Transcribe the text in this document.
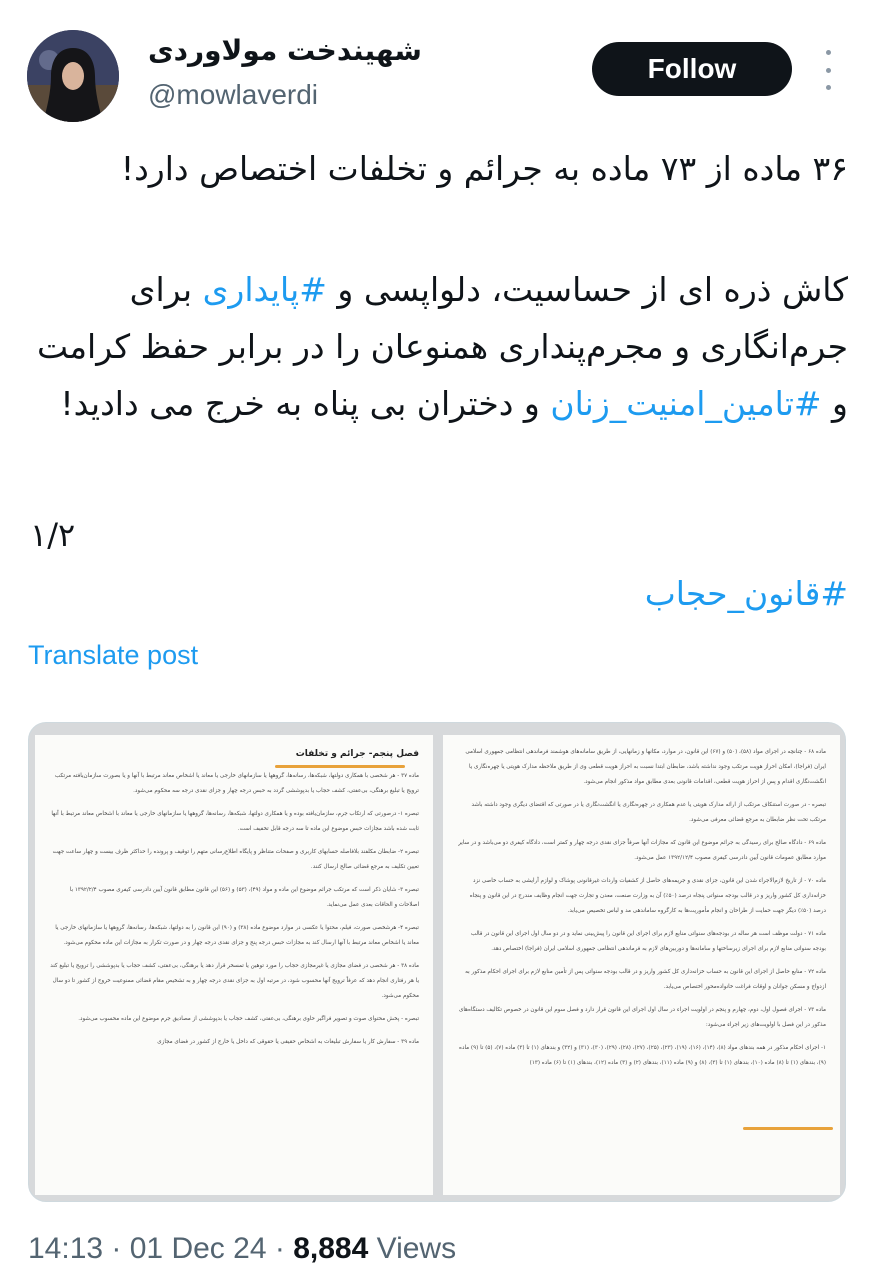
شهیندخت مولاوردی
@mowlaverdi
Follow
۳۶ ماده از ۷۳ ماده به جرائم و تخلفات اختصاص دارد!
کاش ذره ای از حساسیت، دلواپسی و #پایداری برای جرم‌انگاری و مجرم‌پنداری همنوعان را در برابر حفظ کرامت و #تامین_امنیت_زنان و دختران بی پناه به خرج می دادید!
۱/۲
#قانون_حجاب
Translate post
فصل پنجم- جرائم و تخلفات

ماده ۳۷ - هر شخصی با همکاری دولتها، شبکه‌ها، رسانه‌ها، گروهها یا سازمانهای خارجی یا معاند یا اشخاص معاند مرتبط با آنها و یا بصورت سازمان‌یافته مرتکب ترویج یا تبلیغ برهنگی، بی‌عفتی، کشف حجاب یا بدپوششی گردد به حبس درجه چهار و جزای نقدی درجه سه محکوم می‌شود.

تبصره ۱- درصورتی که ارتکاب جرم، سازمان‌یافته بوده و یا همکاری دولتها، شبکه‌ها، رسانه‌ها، گروهها یا سازمانهای خارجی یا معاند با اشخاص معاند مرتبط با آنها ثابت شده باشد مجازات حبس موضوع این ماده تا سه درجه قابل تخفیف است.

تبصره ۲- ضابطان مکلفند بلافاصله حسابهای کاربری و صفحات متناظر و پایگاه اطلاع‌رسانی متهم را توقیف و پرونده را حداکثر ظرف بیست و چهار ساعت جهت تعیین تکلیف به مرجع قضائی صالح ارسال کنند.

تبصره ۳- شایان ذکر است که مرتکب جرائم موضوع این ماده و مواد (۴۹)، (۵۳) و (۵۶) این قانون مطابق قانون آیین دادرسی کیفری مصوب ۱۳۹۲/۲/۴ با اصلاحات و الحاقات بعدی عمل می‌نماید.

تبصره ۴- هرشخصی صورت، فیلم، محتوا یا عکسی در موارد موضوع ماده (۳۸) و (۹۰) این قانون را به دولتها، شبکه‌ها، رسانه‌ها، گروهها یا سازمانهای خارجی یا معاند یا اشخاص معاند مرتبط با آنها ارسال کند به مجازات حبس درجه پنج و جزای نقدی درجه چهار و در صورت تکرار به مجازات این ماده محکوم می‌شود.

ماده ۳۸ - هر شخصی در فضای مجازی یا غیرمجازی حجاب را مورد توهین یا تمسخر قرار دهد یا برهنگی، بی‌عفتی، کشف حجاب یا بدپوششی را ترویج یا تبلیغ کند یا هر رفتاری انجام دهد که عرفاً ترویج آنها محسوب شود، در مرتبه اول به جزای نقدی درجه چهار و به تشخیص مقام قضائی ممنوعیت خروج از کشور تا دو سال محکوم می‌شود.

تبصره - پخش محتوای صوت و تصویر فراگیر حاوی برهنگی، بی‌عفتی، کشف حجاب یا بدپوششی از مصادیق جرم موضوع این ماده محسوب می‌شود.

ماده ۳۹ - سفارش کار یا سفارش تبلیغات به اشخاص حقیقی یا حقوقی که داخل یا خارج از کشور در فضای مجازی

ماده ۶۸ - چنانچه در اجرای مواد (۵۸)، (۵۰) و (۶۷) این قانون، در موارد، مکانها و زمانهایی، از طریق سامانه‌های هوشمند فرماندهی انتظامی جمهوری اسلامی ایران (فراجا)، امکان احراز هویت مرتکب وجود نداشته باشد، ضابطان ابتدا نسبت به احراز هویت قطعی وی از طریق ملاحظه مدارک هویتی یا چهره‌نگاری یا انگشت‌نگاری اقدام و پس از احراز هویت قطعی، اقدامات قانونی بعدی مطابق مواد مذکور انجام می‌شود.

تبصره - در صورت استنکاف مرتکب از ارائه مدارک هویتی یا عدم همکاری در چهره‌نگاری یا انگشت‌نگاری یا در صورتی که اقتضای دیگری وجود داشته باشد مرتکب تحت نظر ضابطان به مرجع قضائی معرفی می‌شود.

ماده ۶۹ - دادگاه صالح برای رسیدگی به جرائم موضوع این قانون که مجازات آنها صرفاً جزای نقدی درجه چهار و کمتر است، دادگاه کیفری دو می‌باشد و در سایر موارد مطابق عمومات قانون آیین دادرسی کیفری مصوب ۱۳۹۲/۱۲/۴ عمل می‌شود.

ماده ۷۰ - از تاریخ لازم‌الاجراء شدن این قانون، جزای نقدی و جریمه‌های حاصل از کشفیات واردات غیرقانونی پوشاک و لوازم آرایشی به حساب خاصی نزد خزانه‌داری کل کشور واریز و در قالب بودجه سنواتی پنجاه درصد (۵۰٪) آن به وزارت صنعت، معدن و تجارت جهت انجام وظایف مندرج در این قانون و پنجاه درصد (۵۰٪) دیگر جهت حمایت از طراحان و انجام مأموریت‌ها به کارگروه ساماندهی مد و لباس تخصیص می‌یابد.

ماده ۷۱ - دولت موظف است هر ساله در بودجه‌های سنواتی منابع لازم برای اجرای این قانون را پیش‌بینی نماید و در دو سال اول اجرای این قانون در قالب بودجه سنواتی منابع لازم برای اجرای زیرساختها و سامانه‌ها و دوربین‌های لازم به فرماندهی انتظامی جمهوری اسلامی ایران (فراجا) اختصاص دهد.

ماده ۷۲ - منابع حاصل از اجرای این قانون به حساب خزانه‌داری کل کشور واریز و در قالب بودجه سنواتی پس از تأمین منابع لازم برای اجرای احکام مذکور به ازدواج و مسکن جوانان و اوقات فراغت خانواده‌محور اختصاص می‌یابد.

ماده ۷۳ - اجرای فصول اول، دوم، چهارم و پنجم در اولویت اجراء در سال اول اجرای این قانون قرار دارد و فصل سوم این قانون در خصوص تکالیف دستگاه‌های مذکور در این فصل با اولویت‌های زیر اجراء می‌شود:

۱- اجرای احکام مذکور در همه بندهای مواد (۸)، (۱۴)، (۱۶)، (۱۹)، (۲۳)، (۲۵)، (۲۷)، (۲۸)، (۲۹)، (۳۰)، (۳۱) و (۳۲) و بندهای (۱) تا (۳) ماده (۷)، (۵) تا (۹) ماده (۹)، بندهای (۱) تا (۸) ماده (۱۰)، بندهای (۱) تا (۳)، (۸) و (۹) ماده (۱۱)، بندهای (۲) و (۳) ماده (۱۲)، بندهای (۱) تا (۶) ماده (۱۳)

14:13 · 01 Dec 24 · 8,884 Views
